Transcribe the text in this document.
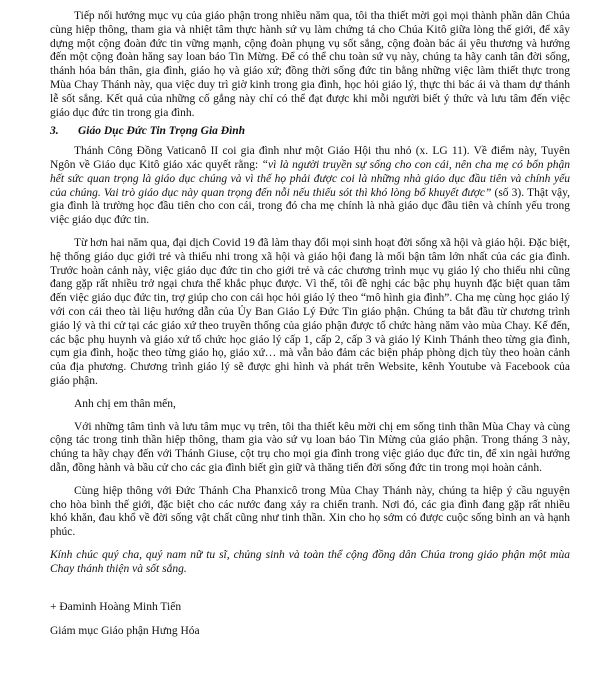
Tiếp nối hướng mục vụ của giáo phận trong nhiều năm qua, tôi tha thiết mời gọi mọi thành phần dân Chúa cùng hiệp thông, tham gia và nhiệt tâm thực hành sứ vụ làm chứng tá cho Chúa Kitô giữa lòng thế giới, để xây dựng một cộng đoàn đức tin vững mạnh, cộng đoàn phụng vụ sốt sắng, cộng đoàn bác ái yêu thương và hướng đến một cộng đoàn hăng say loan báo Tin Mừng. Để có thể chu toàn sứ vụ này, chúng ta hãy canh tân đời sống, thánh hóa bản thân, gia đình, giáo họ và giáo xứ; đồng thời sống đức tin bằng những việc làm thiết thực trong Mùa Chay Thánh này, qua việc duy trì giờ kinh trong gia đình, học hỏi giáo lý, thực thi bác ái và tham dự thánh lễ sốt sắng. Kết quả của những cố gắng này chỉ có thể đạt được khi mỗi người biết ý thức và lưu tâm đến việc giáo dục đức tin trong gia đình.

3.	Giáo Dục Đức Tin Trọng Gia Đình

Thánh Công Đồng Vaticanô II coi gia đình như một Giáo Hội thu nhỏ (x. LG 11). Về điểm này, Tuyên Ngôn về Giáo dục Kitô giáo xác quyết rằng: “vì là người truyền sự sống cho con cái, nên cha mẹ có bổn phận hết sức quan trọng là giáo dục chúng và vì thế họ phải được coi là những nhà giáo dục đầu tiên và chính yếu của chúng. Vai trò giáo dục này quan trọng đến nỗi nếu thiếu sót thì khó lòng bổ khuyết được” (số 3). Thật vậy, gia đình là trường học đầu tiên cho con cái, trong đó cha mẹ chính là nhà giáo dục đầu tiên và chính yếu trong việc giáo dục đức tin.

Từ hơn hai năm qua, đại dịch Covid 19 đã làm thay đổi mọi sinh hoạt đời sống xã hội và giáo hội. Đặc biệt, hệ thống giáo dục giới trẻ và thiếu nhi trong xã hội và giáo hội đang là mối bận tâm lớn nhất của các gia đình. Trước hoàn cảnh này, việc giáo dục đức tin cho giới trẻ và các chương trình mục vụ giáo lý cho thiếu nhi cũng đang gặp rất nhiều trở ngại chưa thể khắc phục được. Vì thế, tôi đề nghị các bậc phụ huynh đặc biệt quan tâm đến việc giáo dục đức tin, trợ giúp cho con cái học hỏi giáo lý theo “mô hình gia đình”. Cha mẹ cùng học giáo lý với con cái theo tài liệu hướng dẫn của Ủy Ban Giáo Lý Đức Tin giáo phận. Chúng ta bắt đầu từ chương trình giáo lý và thi cử tại các giáo xứ theo truyền thống của giáo phận được tổ chức hàng năm vào mùa Chay. Kế đến, các bậc phụ huynh và giáo xứ tổ chức học giáo lý cấp 1, cấp 2, cấp 3 và giáo lý Kinh Thánh theo từng gia đình, cụm gia đình, hoặc theo từng giáo họ, giáo xứ… mà vẫn bảo đảm các biện pháp phòng dịch tùy theo hoàn cảnh của địa phương. Chương trình giáo lý sẽ được ghi hình và phát trên Website, kênh Youtube và Facebook của giáo phận.

Anh chị em thân mến,

Với những tâm tình và lưu tâm mục vụ trên, tôi tha thiết kêu mời chị em sống tinh thần Mùa Chay và cùng cộng tác trong tinh thần hiệp thông, tham gia vào sứ vụ loan báo Tin Mừng của giáo phận. Trong tháng 3 này, chúng ta hãy chạy đến với Thánh Giuse, cột trụ cho mọi gia đình trong việc giáo dục đức tin, để xin ngài hướng dẫn, đồng hành và bầu cử cho các gia đình biết gìn giữ và thăng tiến đời sống đức tin trong mọi hoàn cảnh.

Cùng hiệp thông với Đức Thánh Cha Phanxicô trong Mùa Chay Thánh này, chúng ta hiệp ý cầu nguyện cho hòa bình thế giới, đặc biệt cho các nước đang xảy ra chiến tranh. Nơi đó, các gia đình đang gặp rất nhiều khó khăn, đau khổ về đời sống vật chất cũng như tinh thần. Xin cho họ sớm có được cuộc sống bình an và hạnh phúc.

Kính chúc quý cha, quý nam nữ tu sĩ, chủng sinh và toàn thể cộng đồng dân Chúa trong giáo phận một mùa Chay thánh thiện và sốt sắng.

+ Đaminh Hoàng Minh Tiến

Giám mục Giáo phận Hưng Hóa
